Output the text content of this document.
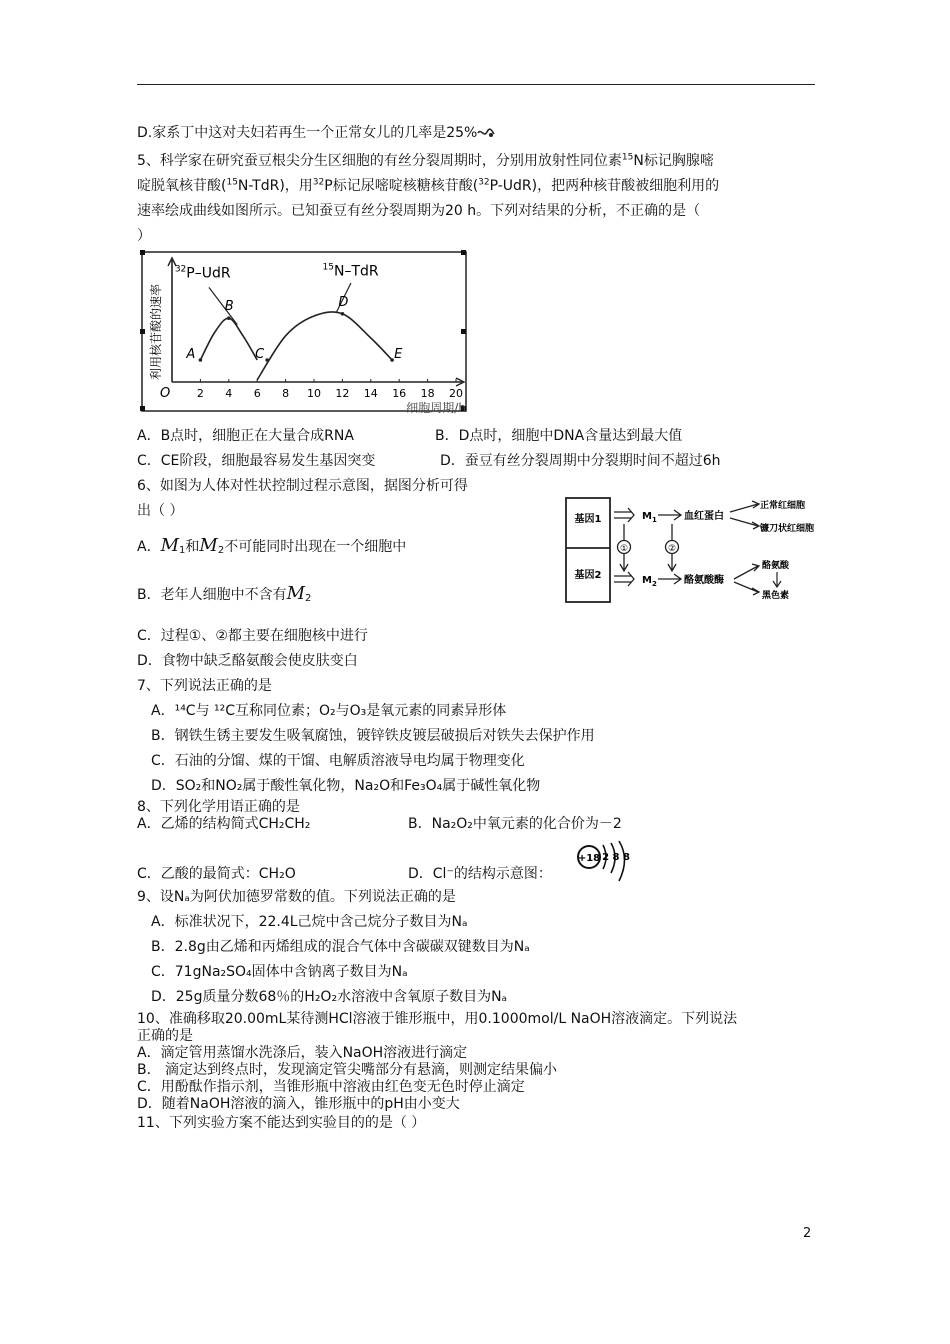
D.家系丁中这对夫妇若再生一个正常女儿的几率是25%
5、科学家在研究蚕豆根尖分生区细胞的有丝分裂周期时，分别用放射性同位素$^{15}$N标记胸腺嘧
啶脱氧核苷酸($^{15}$N-TdR)，用$^{32}$P标记尿嘧啶核糖核苷酸($^{32}$P-UdR)，把两种核苷酸被细胞利用的
速率绘成曲线如图所示。已知蚕豆有丝分裂周期为20 h。下列对结果的分析，不正确的是（
）
O 2 4 6 8 10 12 14 16 18 20
细胞周期/h
利用核苷酸的速率
$^{32}$P–UdR	$^{15}$N–TdR
A
B
C
D
E
A．B点时，细胞正在大量合成RNA	B．D点时，细胞中DNA含量达到最大值
C．CE阶段，细胞最容易发生基因突变	D．蚕豆有丝分裂周期中分裂期时间不超过6h
6、如图为人体对性状控制过程示意图，据图分析可得
出（ ）
A．M1和M2不可能同时出现在一个细胞中
B．老年人细胞中不含有M2
C．过程①、②都主要在细胞核中进行
D．食物中缺乏酪氨酸会使皮肤变白
基因1
基因2
①	②
$M_1$
$M_2$
血红蛋白
酪氨酸酶
正常红细胞
镰刀状红细胞
酪氨酸
黑色素
7、下列说法正确的是
A．¹⁴C与 ¹²C互称同位素；O₂与O₃是氧元素的同素异形体
B．钢铁生锈主要发生吸氧腐蚀，镀锌铁皮镀层破损后对铁失去保护作用
C．石油的分馏、煤的干馏、电解质溶液导电均属于物理变化
D．SO₂和NO₂属于酸性氧化物，Na₂O和Fe₃O₄属于碱性氧化物
8、下列化学用语正确的是
A．乙烯的结构简式CH₂CH₂	B．Na₂O₂中氧元素的化合价为－2
C．乙酸的最简式：CH₂O	D．Cl⁻的结构示意图：
+18 2 8 8
9、设Nₐ为阿伏加德罗常数的值。下列说法正确的是
A．标准状况下，22.4L己烷中含己烷分子数目为Nₐ
B．2.8g由乙烯和丙烯组成的混合气体中含碳碳双键数目为Nₐ
C．71gNa₂SO₄固体中含钠离子数目为Nₐ
D．25g质量分数68％的H₂O₂水溶液中含氧原子数目为Nₐ
10、准确移取20.00mL某待测HCl溶液于锥形瓶中，用0.1000mol/L NaOH溶液滴定。下列说法
正确的是
A．滴定管用蒸馏水洗涤后，装入NaOH溶液进行滴定
B． 滴定达到终点时，发现滴定管尖嘴部分有悬滴，则测定结果偏小
C．用酚酞作指示剂，当锥形瓶中溶液由红色变无色时停止滴定
D．随着NaOH溶液的滴入，锥形瓶中的pH由小变大
11、下列实验方案不能达到实验目的的是（ ）
2
